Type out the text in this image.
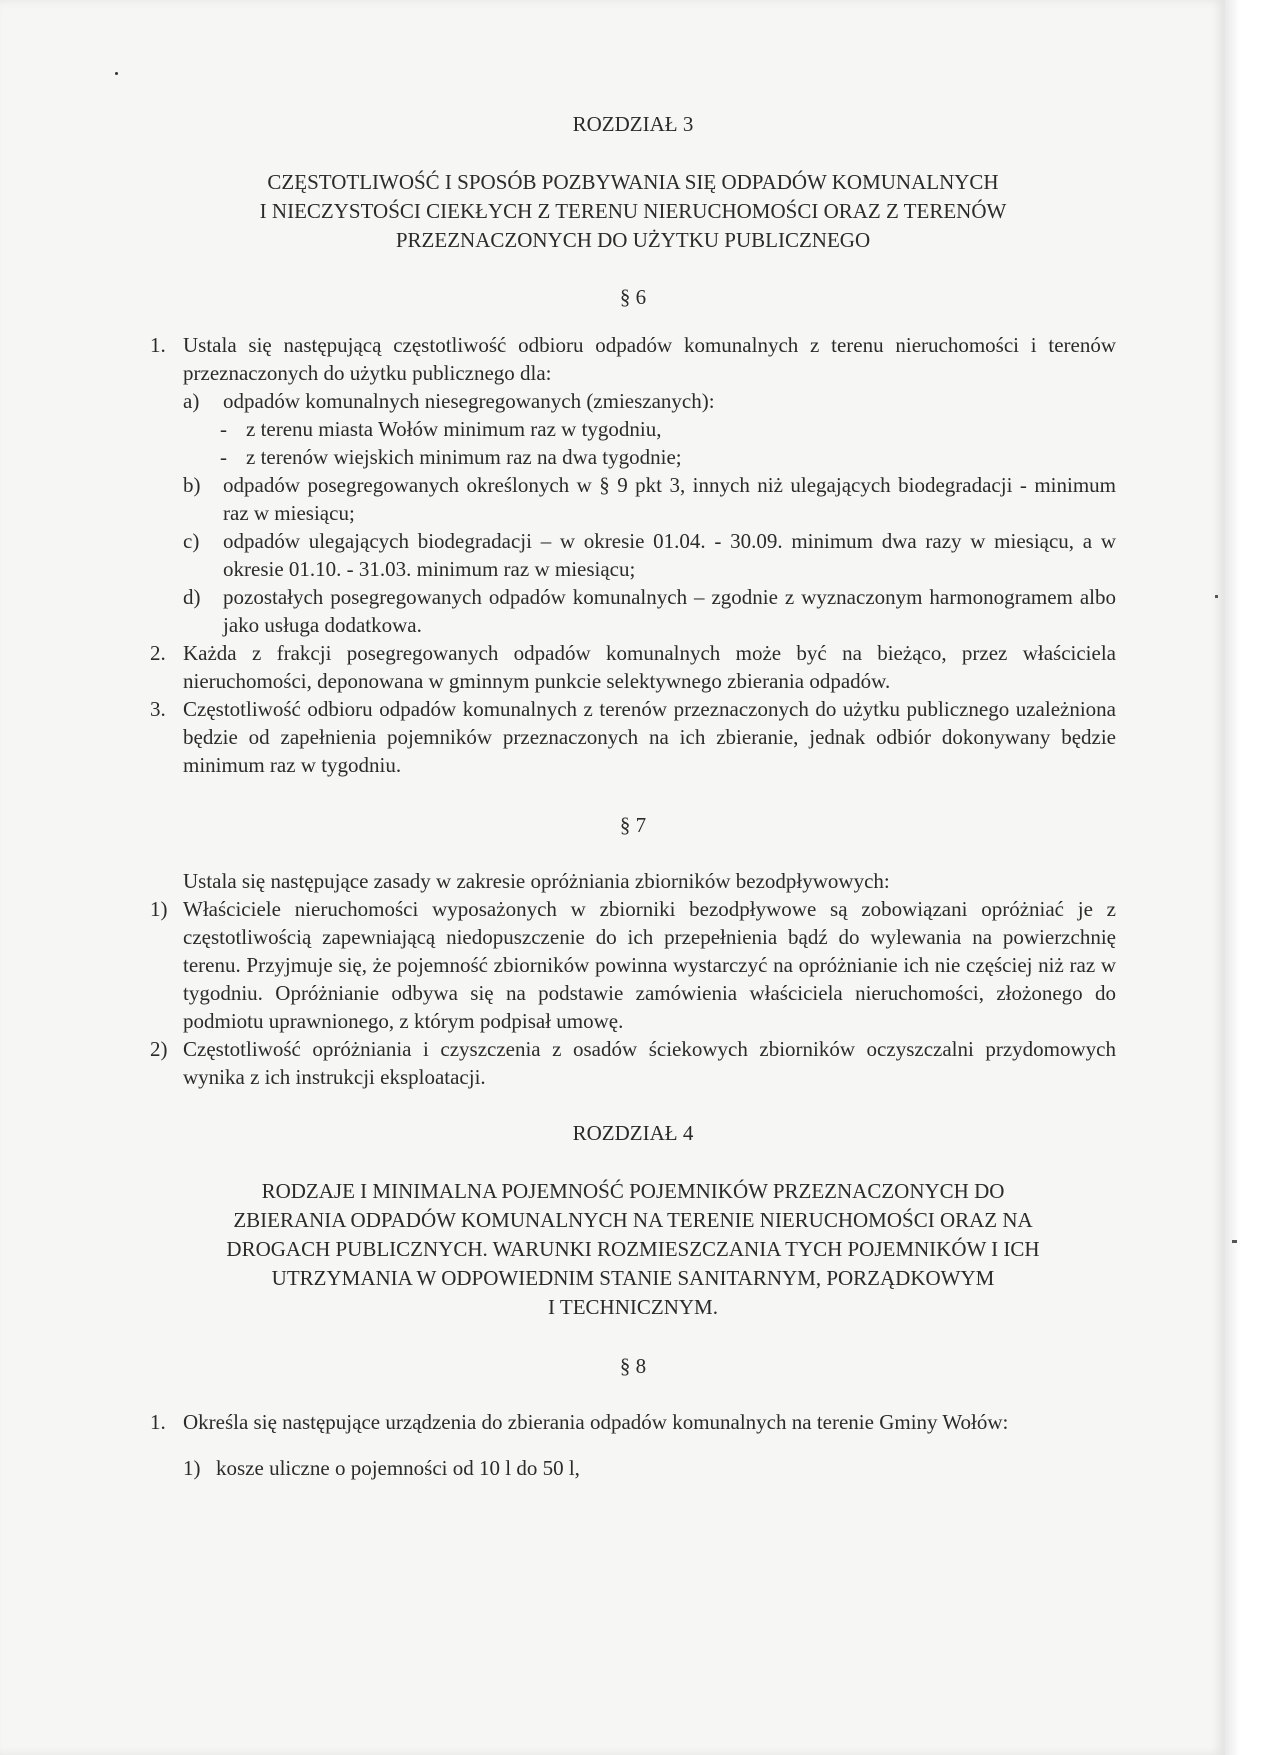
ROZDZIAŁ 3

CZĘSTOTLIWOŚĆ I SPOSÓB POZBYWANIA SIĘ ODPADÓW KOMUNALNYCH

I NIECZYSTOŚCI CIEKŁYCH Z TERENU NIERUCHOMOŚCI ORAZ Z TERENÓW

PRZEZNACZONYCH DO UŻYTKU PUBLICZNEGO

§ 6

1. Ustala się następującą częstotliwość odbioru odpadów komunalnych z terenu nieruchomości i terenów przeznaczonych do użytku publicznego dla:
a)	odpadów komunalnych niesegregowanych (zmieszanych):
- z terenu miasta Wołów minimum raz w tygodniu,
- z terenów wiejskich minimum raz na dwa tygodnie;
b)	odpadów posegregowanych określonych w § 9 pkt 3, innych niż ulegających biodegradacji - minimum raz w miesiącu;
c)	odpadów ulegających biodegradacji – w okresie 01.04. - 30.09. minimum dwa razy w miesiącu, a w okresie 01.10. - 31.03. minimum raz w miesiącu;
d)	pozostałych posegregowanych odpadów komunalnych – zgodnie z wyznaczonym harmonogramem albo jako usługa dodatkowa.
2. Każda z frakcji posegregowanych odpadów komunalnych może być na bieżąco, przez właściciela nieruchomości, deponowana w gminnym punkcie selektywnego zbierania odpadów.
3. Częstotliwość odbioru odpadów komunalnych z terenów przeznaczonych do użytku publicznego uzależniona będzie od zapełnienia pojemników przeznaczonych na ich zbieranie, jednak odbiór dokonywany będzie minimum raz w tygodniu.

§ 7

Ustala się następujące zasady w zakresie opróżniania zbiorników bezodpływowych:

1) Właściciele nieruchomości wyposażonych w zbiorniki bezodpływowe są zobowiązani opróżniać je z częstotliwością zapewniającą niedopuszczenie do ich przepełnienia bądź do wylewania na powierzchnię terenu. Przyjmuje się, że pojemność zbiorników powinna wystarczyć na opróżnianie ich nie częściej niż raz w tygodniu. Opróżnianie odbywa się na podstawie zamówienia właściciela nieruchomości, złożonego do podmiotu uprawnionego, z którym podpisał umowę.
2) Częstotliwość opróżniania i czyszczenia z osadów ściekowych zbiorników oczyszczalni przydomowych wynika z ich instrukcji eksploatacji.

ROZDZIAŁ 4

RODZAJE I MINIMALNA POJEMNOŚĆ POJEMNIKÓW PRZEZNACZONYCH DO

ZBIERANIA ODPADÓW KOMUNALNYCH NA TERENIE NIERUCHOMOŚCI ORAZ NA

DROGACH PUBLICZNYCH. WARUNKI ROZMIESZCZANIA TYCH POJEMNIKÓW I ICH

UTRZYMANIA W ODPOWIEDNIM STANIE SANITARNYM, PORZĄDKOWYM

I TECHNICZNYM.

§ 8

1. Określa się następujące urządzenia do zbierania odpadów komunalnych na terenie Gminy Wołów:
1) kosze uliczne o pojemności od 10 l do 50 l,
